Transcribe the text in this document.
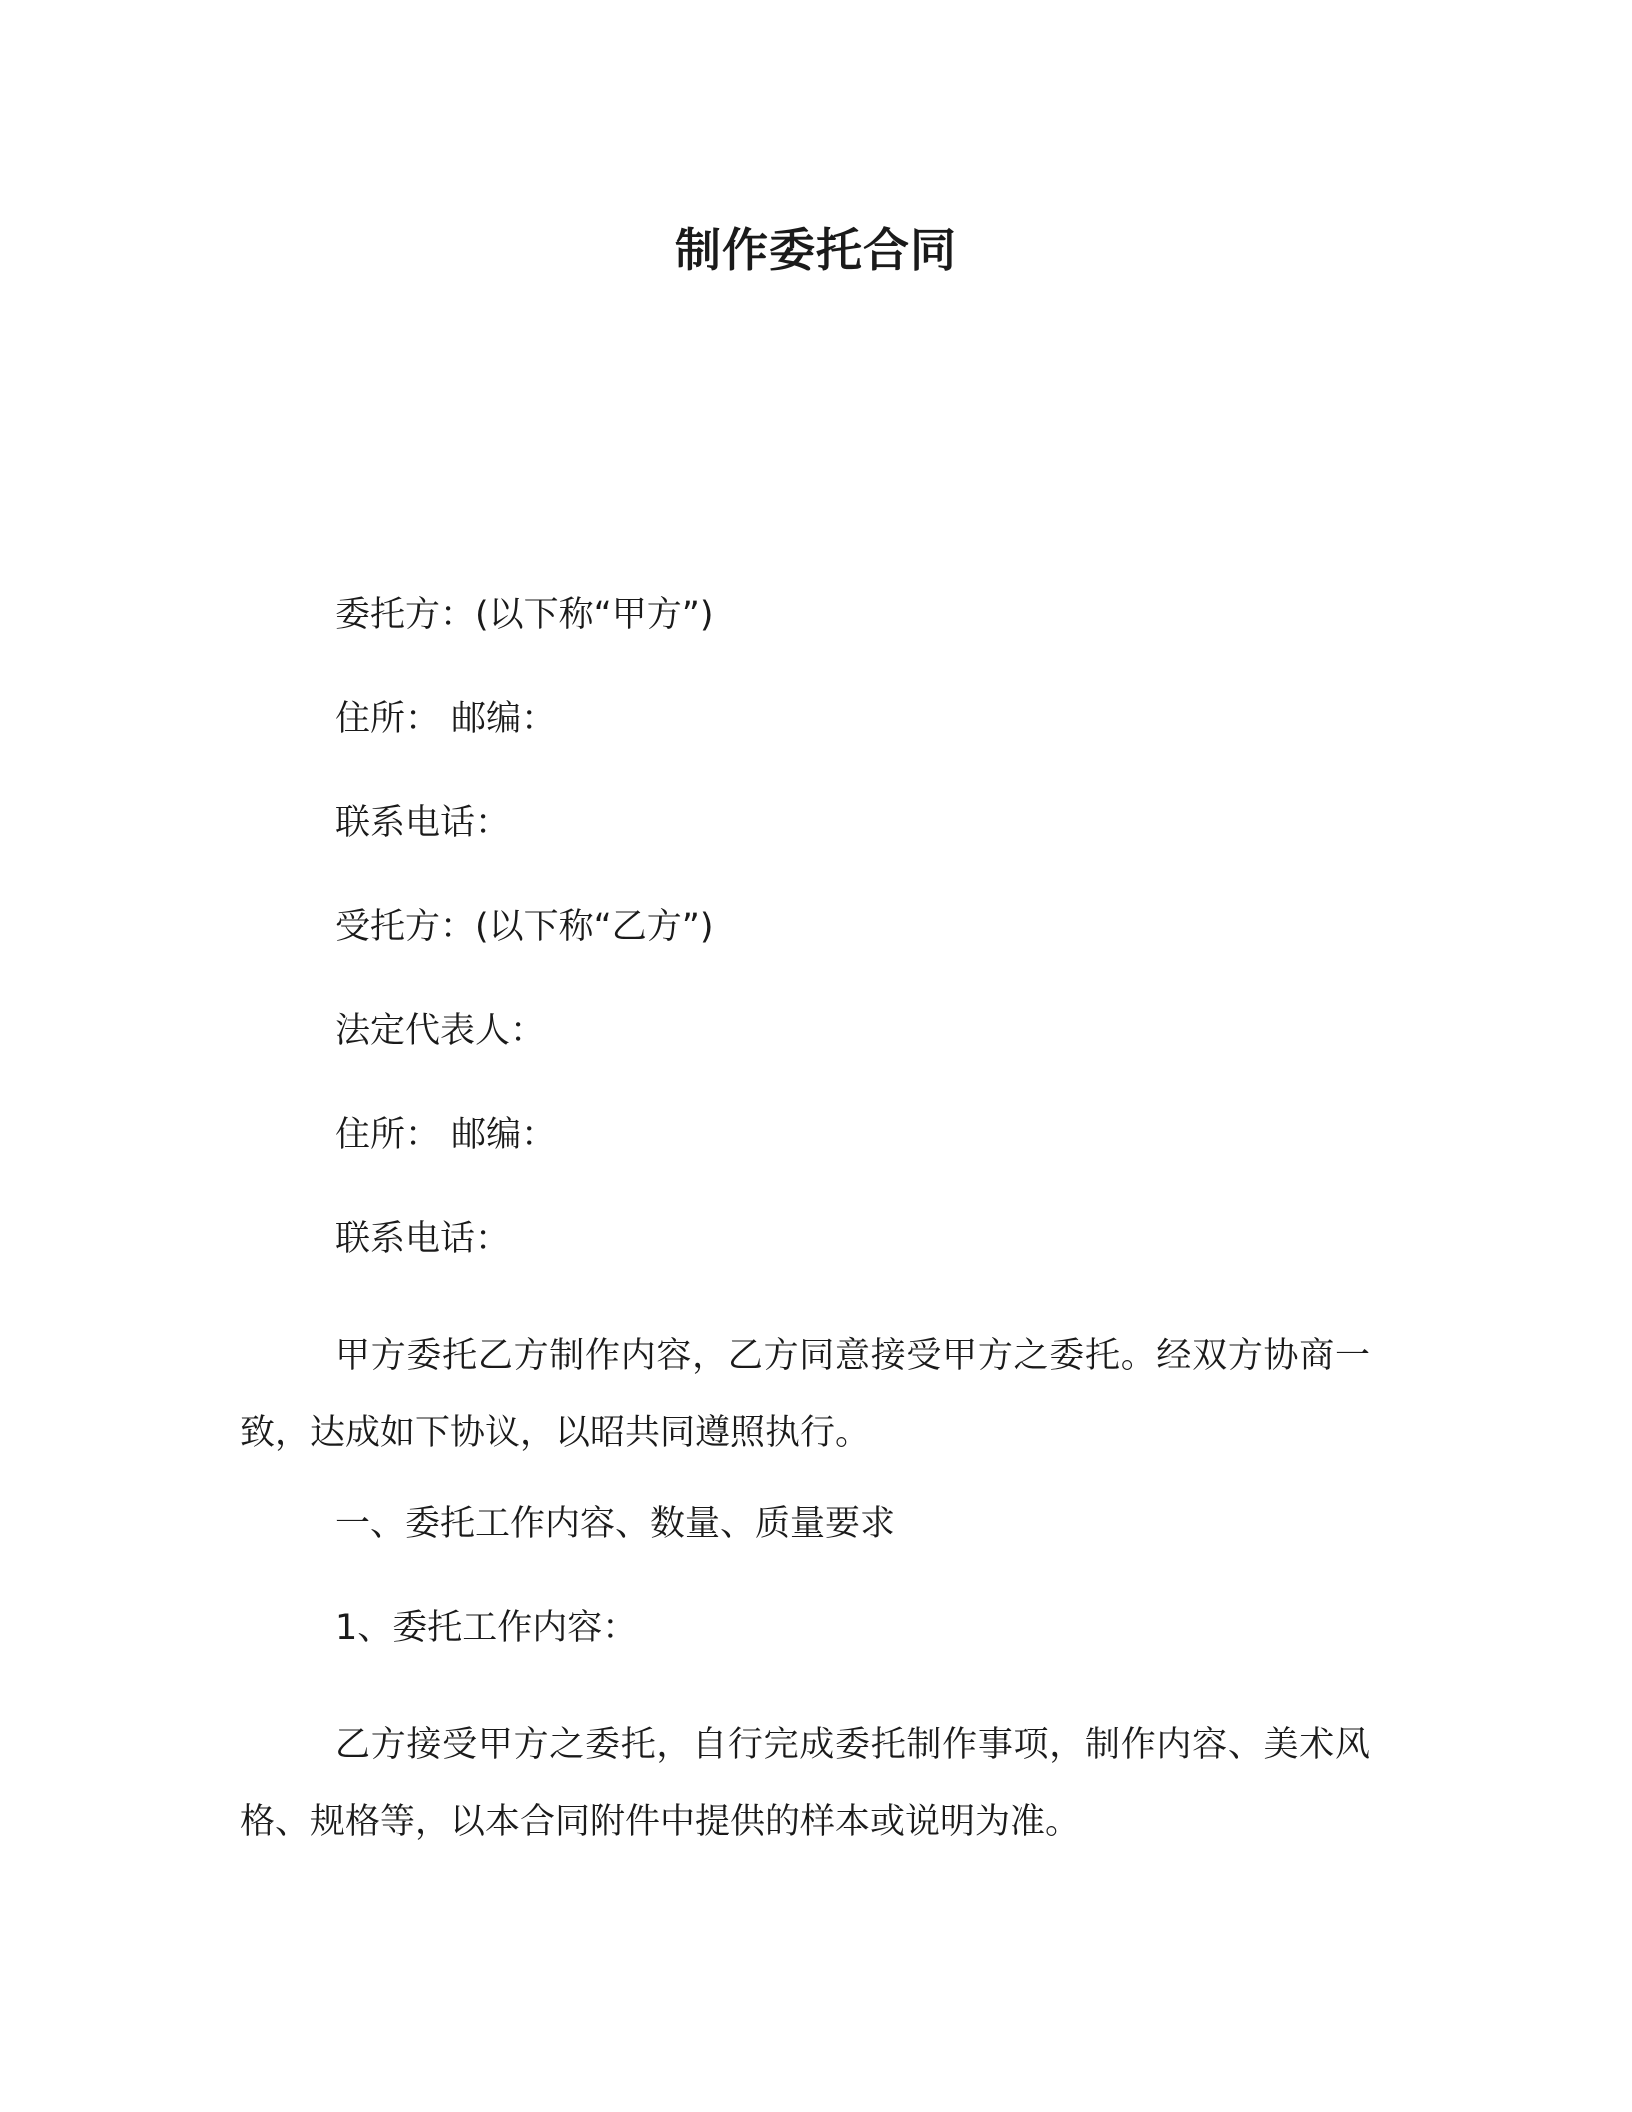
制作委托合同
委托方：(以下称“甲方”)
住所： 邮编：
联系电话：
受托方：(以下称“乙方”)
法定代表人：
住所： 邮编：
联系电话：
甲方委托乙方制作内容，乙方同意接受甲方之委托。经双方协商一致，达成如下协议，以昭共同遵照执行。
一、委托工作内容、数量、质量要求
1、委托工作内容：
乙方接受甲方之委托，自行完成委托制作事项，制作内容、美术风格、规格等，以本合同附件中提供的样本或说明为准。
